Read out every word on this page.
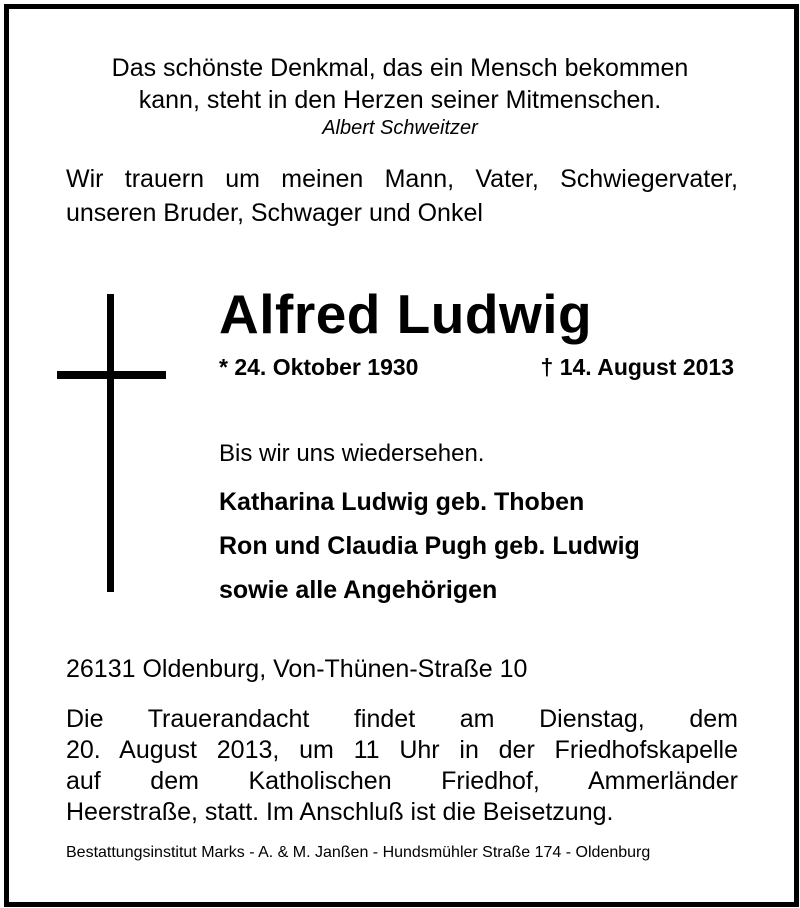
Das schönste Denkmal, das ein Mensch bekommen
kann, steht in den Herzen seiner Mitmenschen.
Albert Schweitzer
Wir trauern um meinen Mann, Vater, Schwiegervater,
unseren Bruder, Schwager und Onkel
Alfred Ludwig
* 24. Oktober 1930	† 14. August 2013
Bis wir uns wiedersehen.
Katharina Ludwig geb. Thoben
Ron und Claudia Pugh geb. Ludwig
sowie alle Angehörigen
26131 Oldenburg, Von-Thünen-Straße 10
Die Trauerandacht findet am Dienstag, dem
20. August 2013, um 11 Uhr in der Friedhofskapelle
auf dem Katholischen Friedhof, Ammerländer
Heerstraße, statt. Im Anschluß ist die Beisetzung.
Bestattungsinstitut Marks - A. & M. Janßen - Hundsmühler Straße 174 - Oldenburg
